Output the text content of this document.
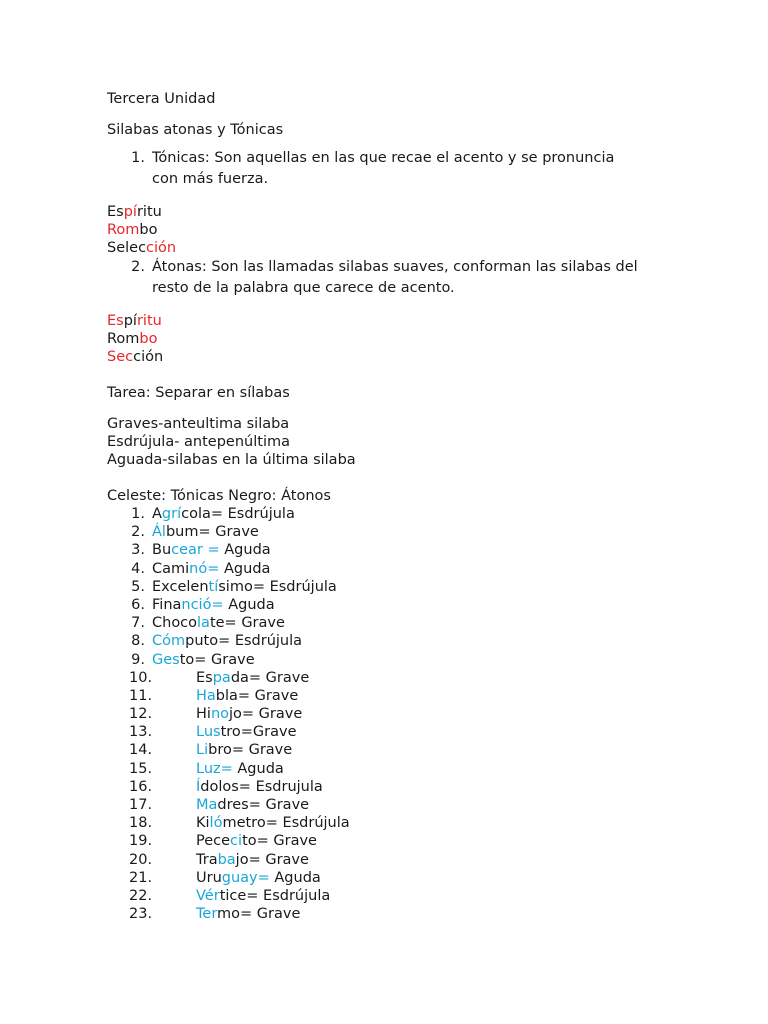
Tercera Unidad
Silabas atonas y Tónicas
1. Tónicas: Son aquellas en las que recae el acento y se pronuncia
con más fuerza.
Espíritu
Rombo
Selección
2. Átonas: Son las llamadas silabas suaves, conforman las silabas del
resto de la palabra que carece de acento.
Espíritu
Rombo
Sección
Tarea: Separar en sílabas
Graves-anteultima silaba
Esdrújula- antepenúltima
Aguada-silabas en la última silaba
Celeste: Tónicas Negro: Átonos
1. Agrícola= Esdrújula
2. Álbum= Grave
3. Bucear = Aguda
4. Caminó= Aguda
5. Excelentísimo= Esdrújula
6. Financió= Aguda
7. Chocolate= Grave
8. Cómputo= Esdrújula
9. Gesto= Grave
10.	Espada= Grave
11.	Habla= Grave
12.	Hinojo= Grave
13.	Lustro=Grave
14.	Libro= Grave
15.	Luz= Aguda
16.	Ídolos= Esdrujula
17.	Madres= Grave
18.	Kilómetro= Esdrújula
19.	Pececito= Grave
20.	Trabajo= Grave
21.	Uruguay= Aguda
22.	Vértice= Esdrújula
23.	Termo= Grave
